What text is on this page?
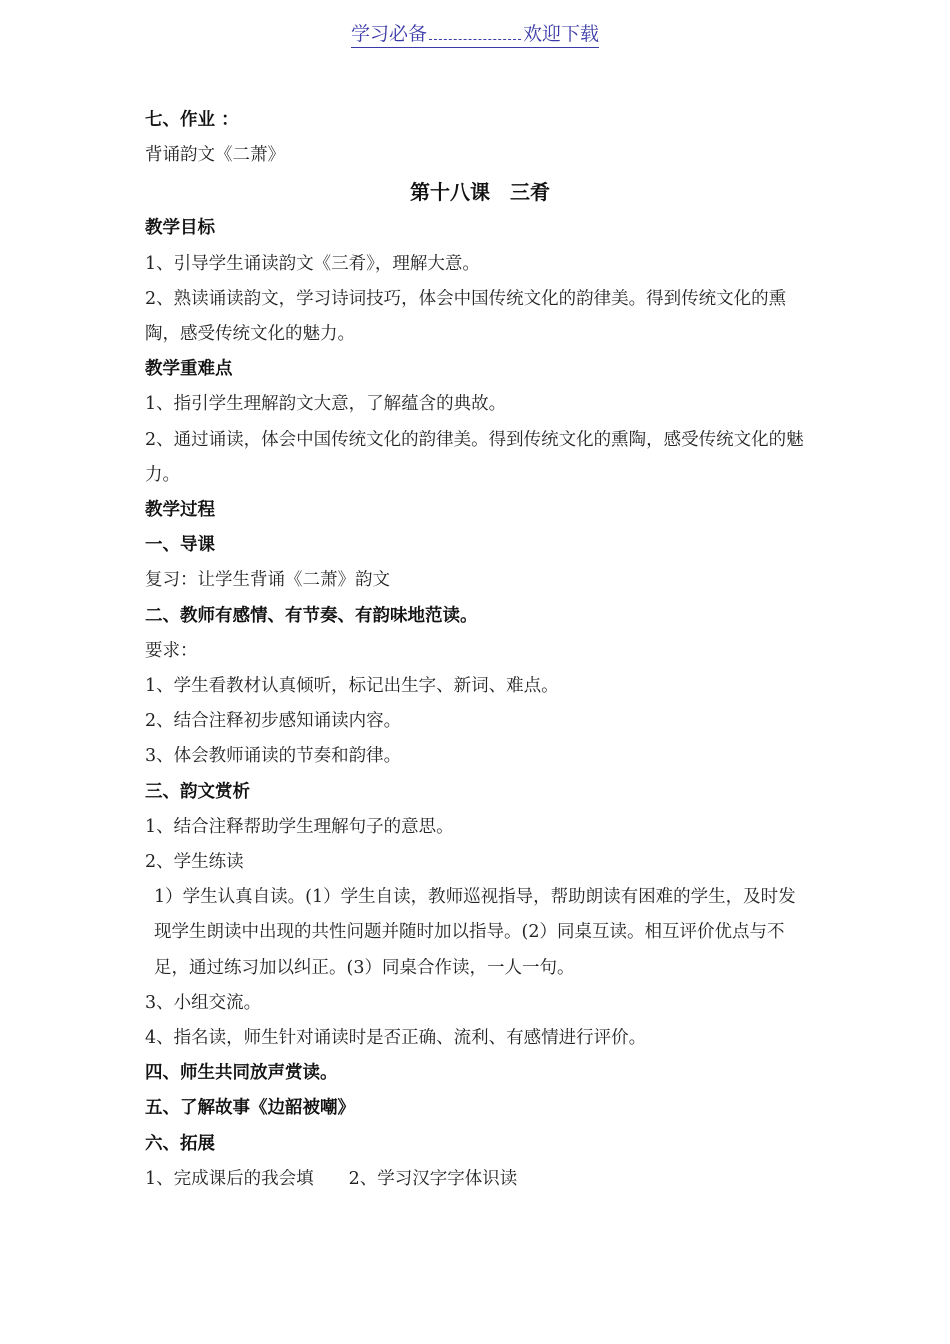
学习必备	欢迎下载
七、作业 ：
背诵韵文《二萧》
第十八课　三肴
教学目标
1、引导学生诵读韵文《三肴》，理解大意。
2、熟读诵读韵文，学习诗词技巧，体会中国传统文化的韵律美。得到传统文化的熏陶，感受传统文化的魅力。
教学重难点
1、指引学生理解韵文大意，了解蕴含的典故。
2、通过诵读，体会中国传统文化的韵律美。得到传统文化的熏陶，感受传统文化的魅力。
教学过程
一、导课
复习：让学生背诵《二萧》韵文
二、教师有感情、有节奏、有韵味地范读。
要求：
1、学生看教材认真倾听，标记出生字、新词、难点。
2、结合注释初步感知诵读内容。
3、体会教师诵读的节奏和韵律。
三、韵文赏析
1、结合注释帮助学生理解句子的意思。
2、学生练读
1）学生认真自读。(1）学生自读，教师巡视指导，帮助朗读有困难的学生，及时发现学生朗读中出现的共性问题并随时加以指导。(2）同桌互读。相互评价优点与不足，通过练习加以纠正。(3）同桌合作读，一人一句。
3、小组交流。
4、指名读，师生针对诵读时是否正确、流利、有感情进行评价。
四、师生共同放声赏读。
五、了解故事《边韶被嘲》
六、拓展
1、完成课后的我会填　　2、学习汉字字体识读
